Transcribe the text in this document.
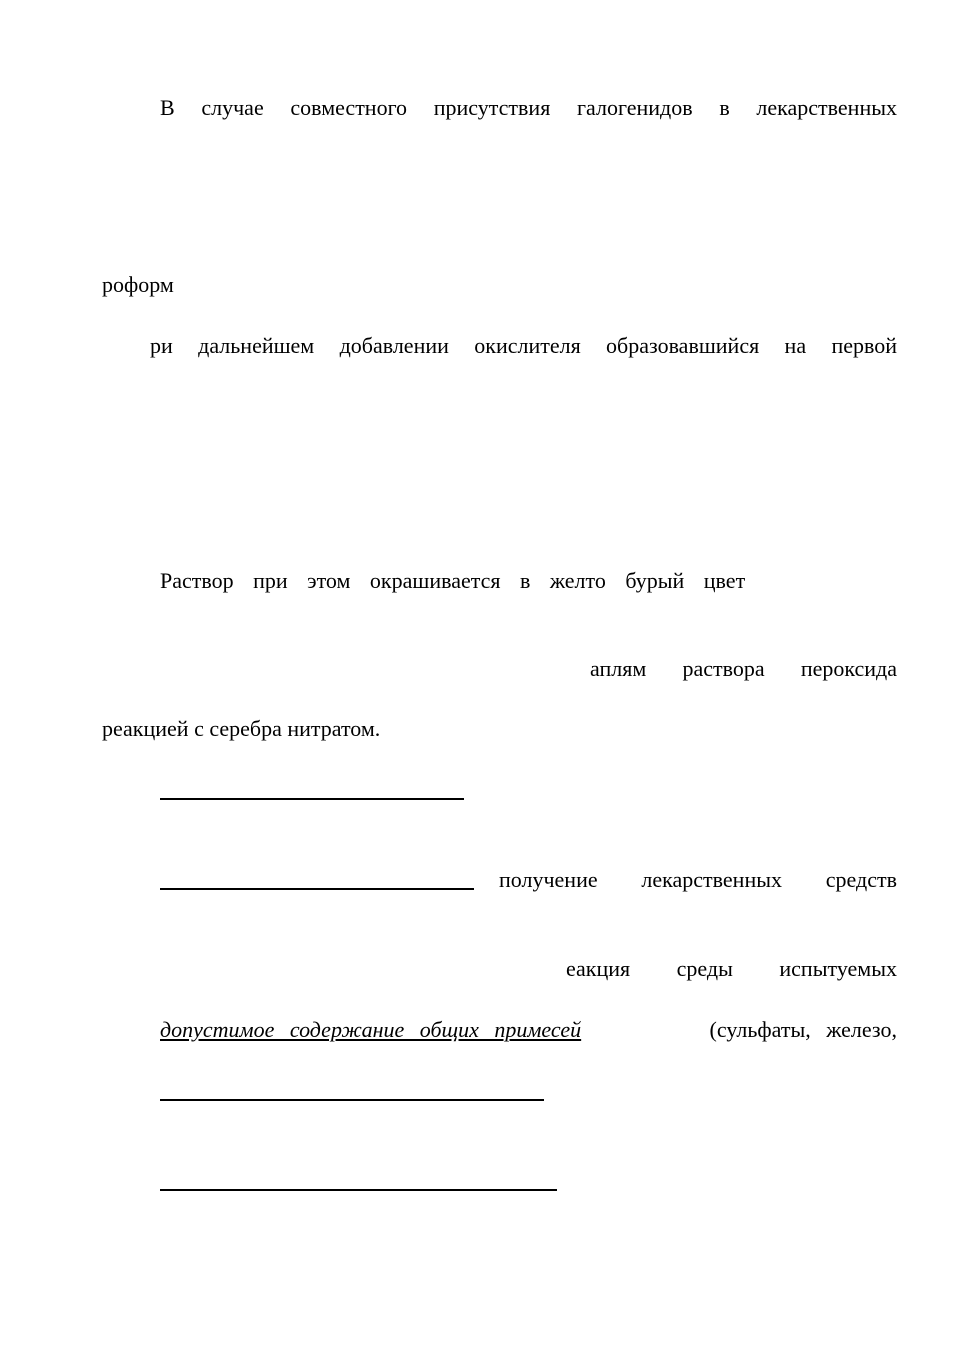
В случае совместного присутствия галогенидов в лекарственных
роформ
ри дальнейшем добавлении окислителя образовавшийся на первой
Раствор при этом окрашивается в желто бурый цвет
аплям раствора пероксида
реакцией с серебра нитратом.
получение лекарственных средств
еакция среды испытуемых
допустимое содержание общих примесей	(сульфаты, железо,
